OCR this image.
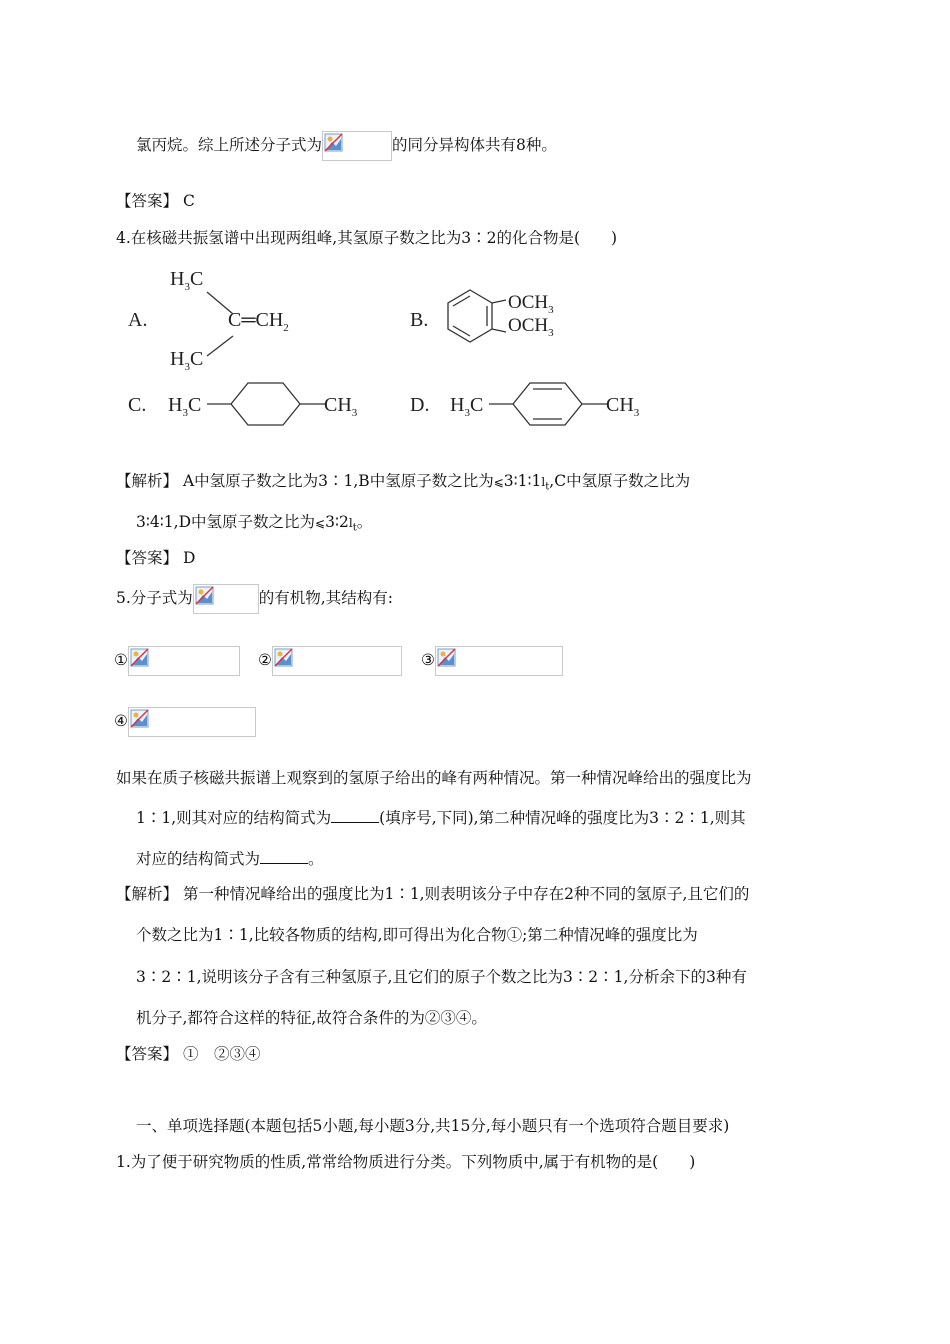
氯丙烷。综上所述分子式为	的同分异构体共有8种。
【答案】 C
4.在核磁共振氢谱中出现两组峰,其氢原子数之比为3∶2的化合物是(　　)
A.
$H_3C$
$C═CH_2$
$H_3C$
B.
$OCH_3$
$OCH_3$
C. $H_3C$	$CH_3$	D. $H_3C$	$CH_3$
【解析】 A中氢原子数之比为3∶1,B中氢原子数之比为$⩽3∶1∶1l_t,C$中氢原子数之比为
3∶4∶1,D中氢原子数之比为$⩽3∶2l_t$。
【答案】 D
5.分子式为	的有机物,其结构有:
①	②	③
④
如果在质子核磁共振谱上观察到的氢原子给出的峰有两种情况。第一种情况峰给出的强度比为
1∶1,则其对应的结构简式为	(填序号,下同),第二种情况峰的强度比为3∶2∶1,则其
对应的结构简式为	。
【解析】 第一种情况峰给出的强度比为1∶1,则表明该分子中存在2种不同的氢原子,且它们的
个数之比为1∶1,比较各物质的结构,即可得出为化合物①;第二种情况峰的强度比为
3∶2∶1,说明该分子含有三种氢原子,且它们的原子个数之比为3∶2∶1,分析余下的3种有
机分子,都符合这样的特征,故符合条件的为②③④。
【答案】 ①　②③④
一、单项选择题(本题包括5小题,每小题3分,共15分,每小题只有一个选项符合题目要求)
1.为了便于研究物质的性质,常常给物质进行分类。下列物质中,属于有机物的是(　　)
